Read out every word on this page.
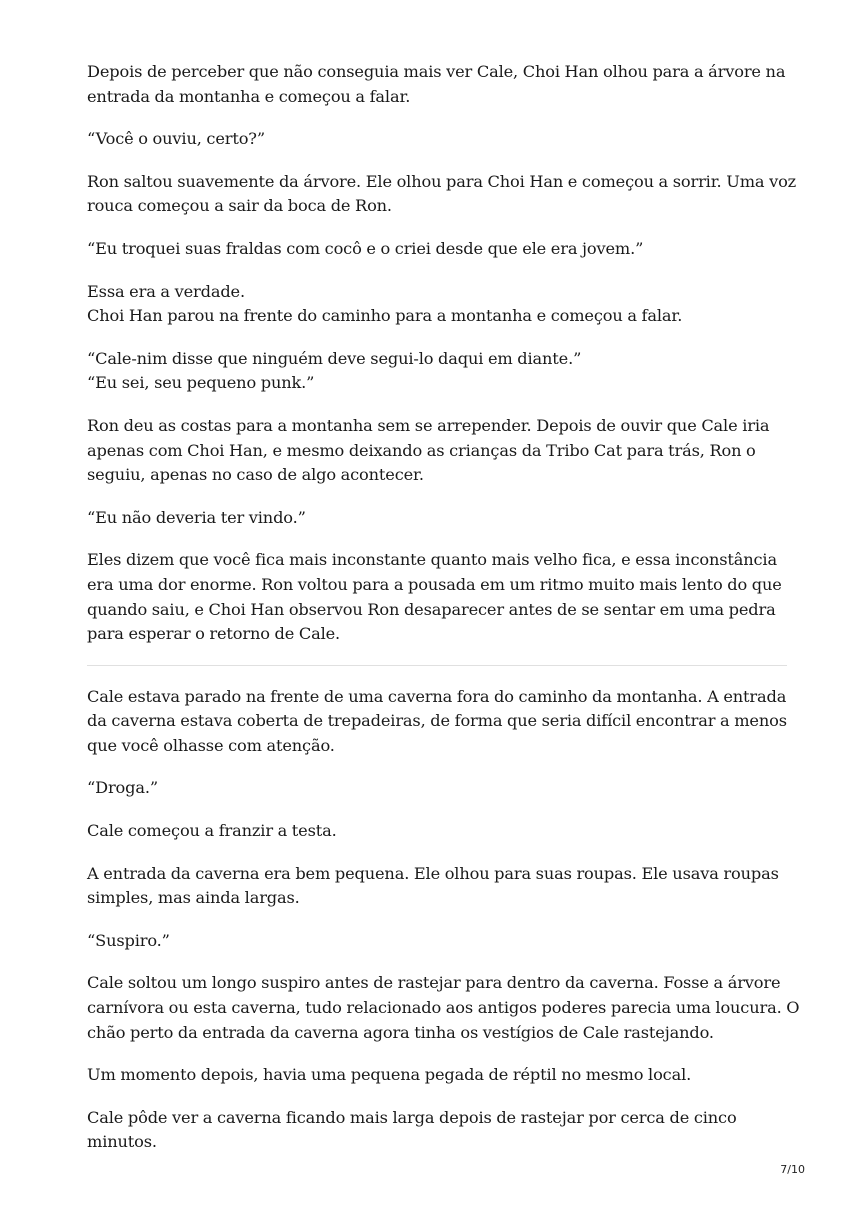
Depois de perceber que não conseguia mais ver Cale, Choi Han olhou para a árvore na
entrada da montanha e começou a falar.

“Você o ouviu, certo?”

Ron saltou suavemente da árvore. Ele olhou para Choi Han e começou a sorrir. Uma voz
rouca começou a sair da boca de Ron.

“Eu troquei suas fraldas com cocô e o criei desde que ele era jovem.”

Essa era a verdade.
Choi Han parou na frente do caminho para a montanha e começou a falar.

“Cale-nim disse que ninguém deve segui-lo daqui em diante.”
“Eu sei, seu pequeno punk.”

Ron deu as costas para a montanha sem se arrepender. Depois de ouvir que Cale iria
apenas com Choi Han, e mesmo deixando as crianças da Tribo Cat para trás, Ron o
seguiu, apenas no caso de algo acontecer.

“Eu não deveria ter vindo.”

Eles dizem que você fica mais inconstante quanto mais velho fica, e essa inconstância
era uma dor enorme. Ron voltou para a pousada em um ritmo muito mais lento do que
quando saiu, e Choi Han observou Ron desaparecer antes de se sentar em uma pedra
para esperar o retorno de Cale.

Cale estava parado na frente de uma caverna fora do caminho da montanha. A entrada
da caverna estava coberta de trepadeiras, de forma que seria difícil encontrar a menos
que você olhasse com atenção.

“Droga.”

Cale começou a franzir a testa.

A entrada da caverna era bem pequena. Ele olhou para suas roupas. Ele usava roupas
simples, mas ainda largas.

“Suspiro.”

Cale soltou um longo suspiro antes de rastejar para dentro da caverna. Fosse a árvore
carnívora ou esta caverna, tudo relacionado aos antigos poderes parecia uma loucura. O
chão perto da entrada da caverna agora tinha os vestígios de Cale rastejando.

Um momento depois, havia uma pequena pegada de réptil no mesmo local.

Cale pôde ver a caverna ficando mais larga depois de rastejar por cerca de cinco
minutos.

7/10
